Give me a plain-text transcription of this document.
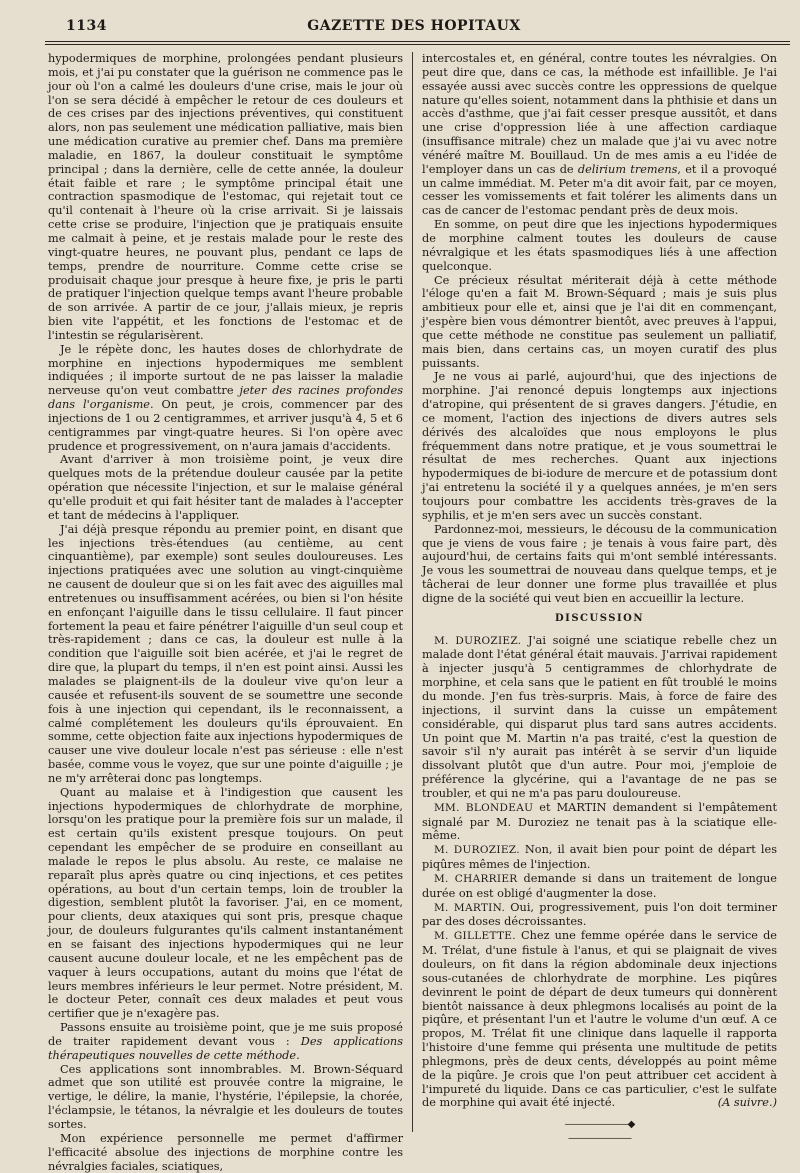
1134	GAZETTE DES HOPITAUX

hypodermiques de morphine, prolongées pendant plusieurs mois, et j'ai pu constater que la guérison ne commence pas le jour où l'on a calmé les douleurs d'une crise, mais le jour où l'on se sera décidé à empêcher le retour de ces douleurs et de ces crises par des injections préventives, qui constituent alors, non pas seulement une médication palliative, mais bien une médication curative au premier chef. Dans ma première maladie, en 1867, la douleur constituait le symptôme principal ; dans la dernière, celle de cette année, la douleur était faible et rare ; le symptôme principal était une contraction spasmodique de l'estomac, qui rejetait tout ce qu'il contenait à l'heure où la crise arrivait. Si je laissais cette crise se produire, l'injection que je pratiquais ensuite me calmait à peine, et je restais malade pour le reste des vingt-quatre heures, ne pouvant plus, pendant ce laps de temps, prendre de nourriture. Comme cette crise se produisait chaque jour presque à heure fixe, je pris le parti de pratiquer l'injection quelque temps avant l'heure probable de son arrivée. A partir de ce jour, j'allais mieux, je repris bien vite l'appétit, et les fonctions de l'estomac et de l'intestin se régularisèrent.

Je le répète donc, les hautes doses de chlorhydrate de morphine en injections hypodermiques me semblent indiquées ; il importe surtout de ne pas laisser la maladie nerveuse qu'on veut combattre jeter des racines profondes dans l'organisme. On peut, je crois, commencer par des injections de 1 ou 2 centigrammes, et arriver jusqu'à 4, 5 et 6 centigrammes par vingt-quatre heures. Si l'on opère avec prudence et progressivement, on n'aura jamais d'accidents.

Avant d'arriver à mon troisième point, je veux dire quelques mots de la prétendue douleur causée par la petite opération que nécessite l'injection, et sur le malaise général qu'elle produit et qui fait hésiter tant de malades à l'accepter et tant de médecins à l'appliquer.

J'ai déjà presque répondu au premier point, en disant que les injections très-étendues (au centième, au cent cinquantième), par exemple) sont seules douloureuses. Les injections pratiquées avec une solution au vingt-cinquième ne causent de douleur que si on les fait avec des aiguilles mal entretenues ou insuffisamment acérées, ou bien si l'on hésite en enfonçant l'aiguille dans le tissu cellulaire. Il faut pincer fortement la peau et faire pénétrer l'aiguille d'un seul coup et très-rapidement ; dans ce cas, la douleur est nulle à la condition que l'aiguille soit bien acérée, et j'ai le regret de dire que, la plupart du temps, il n'en est point ainsi. Aussi les malades se plaignent-ils de la douleur vive qu'on leur a causée et refusent-ils souvent de se soumettre une seconde fois à une injection qui cependant, ils le reconnaissent, a calmé complétement les douleurs qu'ils éprouvaient. En somme, cette objection faite aux injections hypodermiques de causer une vive douleur locale n'est pas sérieuse : elle n'est basée, comme vous le voyez, que sur une pointe d'aiguille ; je ne m'y arrêterai donc pas longtemps.

Quant au malaise et à l'indigestion que causent les injections hypodermiques de chlorhydrate de morphine, lorsqu'on les pratique pour la première fois sur un malade, il est certain qu'ils existent presque toujours. On peut cependant les empêcher de se produire en conseillant au malade le repos le plus absolu. Au reste, ce malaise ne reparaît plus après quatre ou cinq injections, et ces petites opérations, au bout d'un certain temps, loin de troubler la digestion, semblent plutôt la favoriser. J'ai, en ce moment, pour clients, deux ataxiques qui sont pris, presque chaque jour, de douleurs fulgurantes qu'ils calment instantanément en se faisant des injections hypodermiques qui ne leur causent aucune douleur locale, et ne les empêchent pas de vaquer à leurs occupations, autant du moins que l'état de leurs membres inférieurs le leur permet. Notre président, M. le docteur Peter, connaît ces deux malades et peut vous certifier que je n'exagère pas.

Passons ensuite au troisième point, que je me suis proposé de traiter rapidement devant vous : Des applications thérapeutiques nouvelles de cette méthode.

Ces applications sont innombrables. M. Brown-Séquard admet que son utilité est prouvée contre la migraine, le vertige, le délire, la manie, l'hystérie, l'épilepsie, la chorée, l'éclampsie, le tétanos, la névralgie et les douleurs de toutes sortes.

Mon expérience personnelle me permet d'affirmer l'efficacité absolue des injections de morphine contre les névralgies faciales, sciatiques,

intercostales et, en général, contre toutes les névralgies. On peut dire que, dans ce cas, la méthode est infaillible. Je l'ai essayée aussi avec succès contre les oppressions de quelque nature qu'elles soient, notamment dans la phthisie et dans un accès d'asthme, que j'ai fait cesser presque aussitôt, et dans une crise d'oppression liée à une affection cardiaque (insuffisance mitrale) chez un malade que j'ai vu avec notre vénéré maître M. Bouillaud. Un de mes amis a eu l'idée de l'employer dans un cas de delirium tremens, et il a provoqué un calme immédiat. M. Peter m'a dit avoir fait, par ce moyen, cesser les vomissements et fait tolérer les aliments dans un cas de cancer de l'estomac pendant près de deux mois.

En somme, on peut dire que les injections hypodermiques de morphine calment toutes les douleurs de cause névralgique et les états spasmodiques liés à une affection quelconque.

Ce précieux résultat mériterait déjà à cette méthode l'éloge qu'en a fait M. Brown-Séquard ; mais je suis plus ambitieux pour elle et, ainsi que je l'ai dit en commençant, j'espère bien vous démontrer bientôt, avec preuves à l'appui, que cette méthode ne constitue pas seulement un palliatif, mais bien, dans certains cas, un moyen curatif des plus puissants.

Je ne vous ai parlé, aujourd'hui, que des injections de morphine. J'ai renoncé depuis longtemps aux injections d'atropine, qui présentent de si graves dangers. J'étudie, en ce moment, l'action des injections de divers autres sels dérivés des alcaloïdes que nous employons le plus fréquemment dans notre pratique, et je vous soumettrai le résultat de mes recherches. Quant aux injections hypodermiques de bi-iodure de mercure et de potassium dont j'ai entretenu la société il y a quelques années, je m'en sers toujours pour combattre les accidents très-graves de la syphilis, et je m'en sers avec un succès constant.

Pardonnez-moi, messieurs, le décousu de la communication que je viens de vous faire ; je tenais à vous faire part, dès aujourd'hui, de certains faits qui m'ont semblé intéressants. Je vous les soumettrai de nouveau dans quelque temps, et je tâcherai de leur donner une forme plus travaillée et plus digne de la société qui veut bien en accueillir la lecture.

DISCUSSION

M. DUROZIEZ. J'ai soigné une sciatique rebelle chez un malade dont l'état général était mauvais. J'arrivai rapidement à injecter jusqu'à 5 centigrammes de chlorhydrate de morphine, et cela sans que le patient en fût troublé le moins du monde. J'en fus très-surpris. Mais, à force de faire des injections, il survint dans la cuisse un empâtement considérable, qui disparut plus tard sans autres accidents. Un point que M. Martin n'a pas traité, c'est la question de savoir s'il n'y aurait pas intérêt à se servir d'un liquide dissolvant plutôt que d'un autre. Pour moi, j'emploie de préférence la glycérine, qui a l'avantage de ne pas se troubler, et qui ne m'a pas paru douloureuse.

MM. BLONDEAU et MARTIN demandent si l'empâtement signalé par M. Duroziez ne tenait pas à la sciatique elle-même.

M. DUROZIEZ. Non, il avait bien pour point de départ les piqûres mêmes de l'injection.

M. CHARRIER demande si dans un traitement de longue durée on est obligé d'augmenter la dose.

M. MARTIN. Oui, progressivement, puis l'on doit terminer par des doses décroissantes.

M. GILLETTE. Chez une femme opérée dans le service de M. Trélat, d'une fistule à l'anus, et qui se plaignait de vives douleurs, on fit dans la région abdominale deux injections sous-cutanées de chlorhydrate de morphine. Les piqûres devinrent le point de départ de deux tumeurs qui donnèrent bientôt naissance à deux phlegmons localisés au point de la piqûre, et présentant l'un et l'autre le volume d'un œuf. A ce propos, M. Trélat fit une clinique dans laquelle il rapporta l'histoire d'une femme qui présenta une multitude de petits phlegmons, près de deux cents, développés au point même de la piqûre. Je crois que l'on peut attribuer cet accident à l'impureté du liquide. Dans ce cas particulier, c'est le sulfate de morphine qui avait été injecté.	(A suivre.)

———————◆———————
